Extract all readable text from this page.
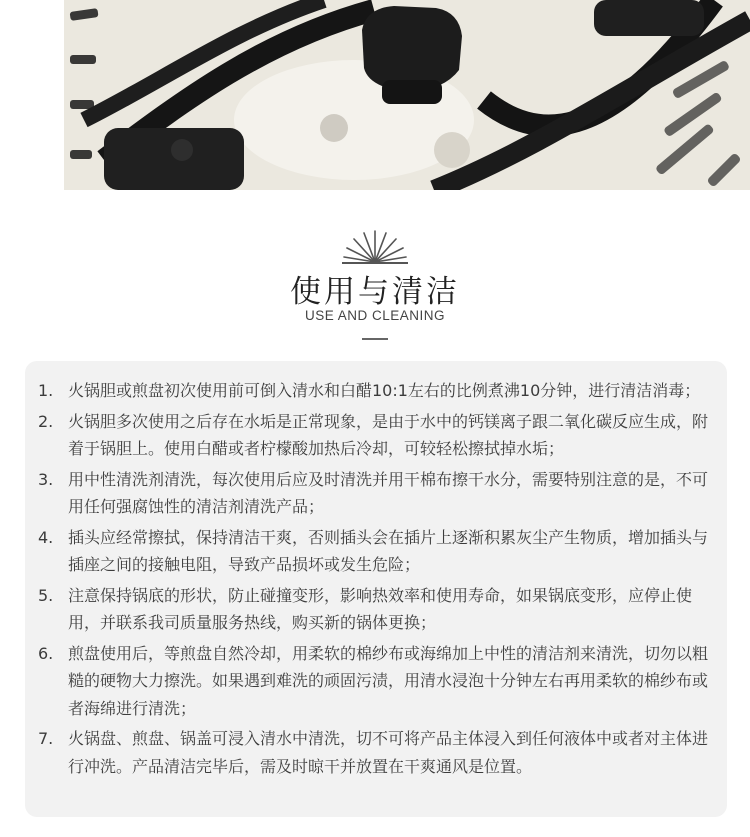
使用与清洁
USE AND CLEANING
1. 火锅胆或煎盘初次使用前可倒入清水和白醋10:1左右的比例煮沸10分钟，进行清洁消毒；
2. 火锅胆多次使用之后存在水垢是正常现象，是由于水中的钙镁离子跟二氧化碳反应生成，附着于锅胆上。使用白醋或者柠檬酸加热后冷却，可较轻松擦拭掉水垢；
3. 用中性清洗剂清洗，每次使用后应及时清洗并用干棉布擦干水分，需要特别注意的是，不可用任何强腐蚀性的清洁剂清洗产品；
4. 插头应经常擦拭，保持清洁干爽，否则插头会在插片上逐渐积累灰尘产生物质，增加插头与插座之间的接触电阻，导致产品损坏或发生危险；
5. 注意保持锅底的形状，防止碰撞变形，影响热效率和使用寿命，如果锅底变形，应停止使用，并联系我司质量服务热线，购买新的锅体更换；
6. 煎盘使用后，等煎盘自然冷却，用柔软的棉纱布或海绵加上中性的清洁剂来清洗，切勿以粗糙的硬物大力擦洗。如果遇到难洗的顽固污渍，用清水浸泡十分钟左右再用柔软的棉纱布或者海绵进行清洗；
7. 火锅盘、煎盘、锅盖可浸入清水中清洗，切不可将产品主体浸入到任何液体中或者对主体进行冲洗。产品清洁完毕后，需及时晾干并放置在干爽通风是位置。
